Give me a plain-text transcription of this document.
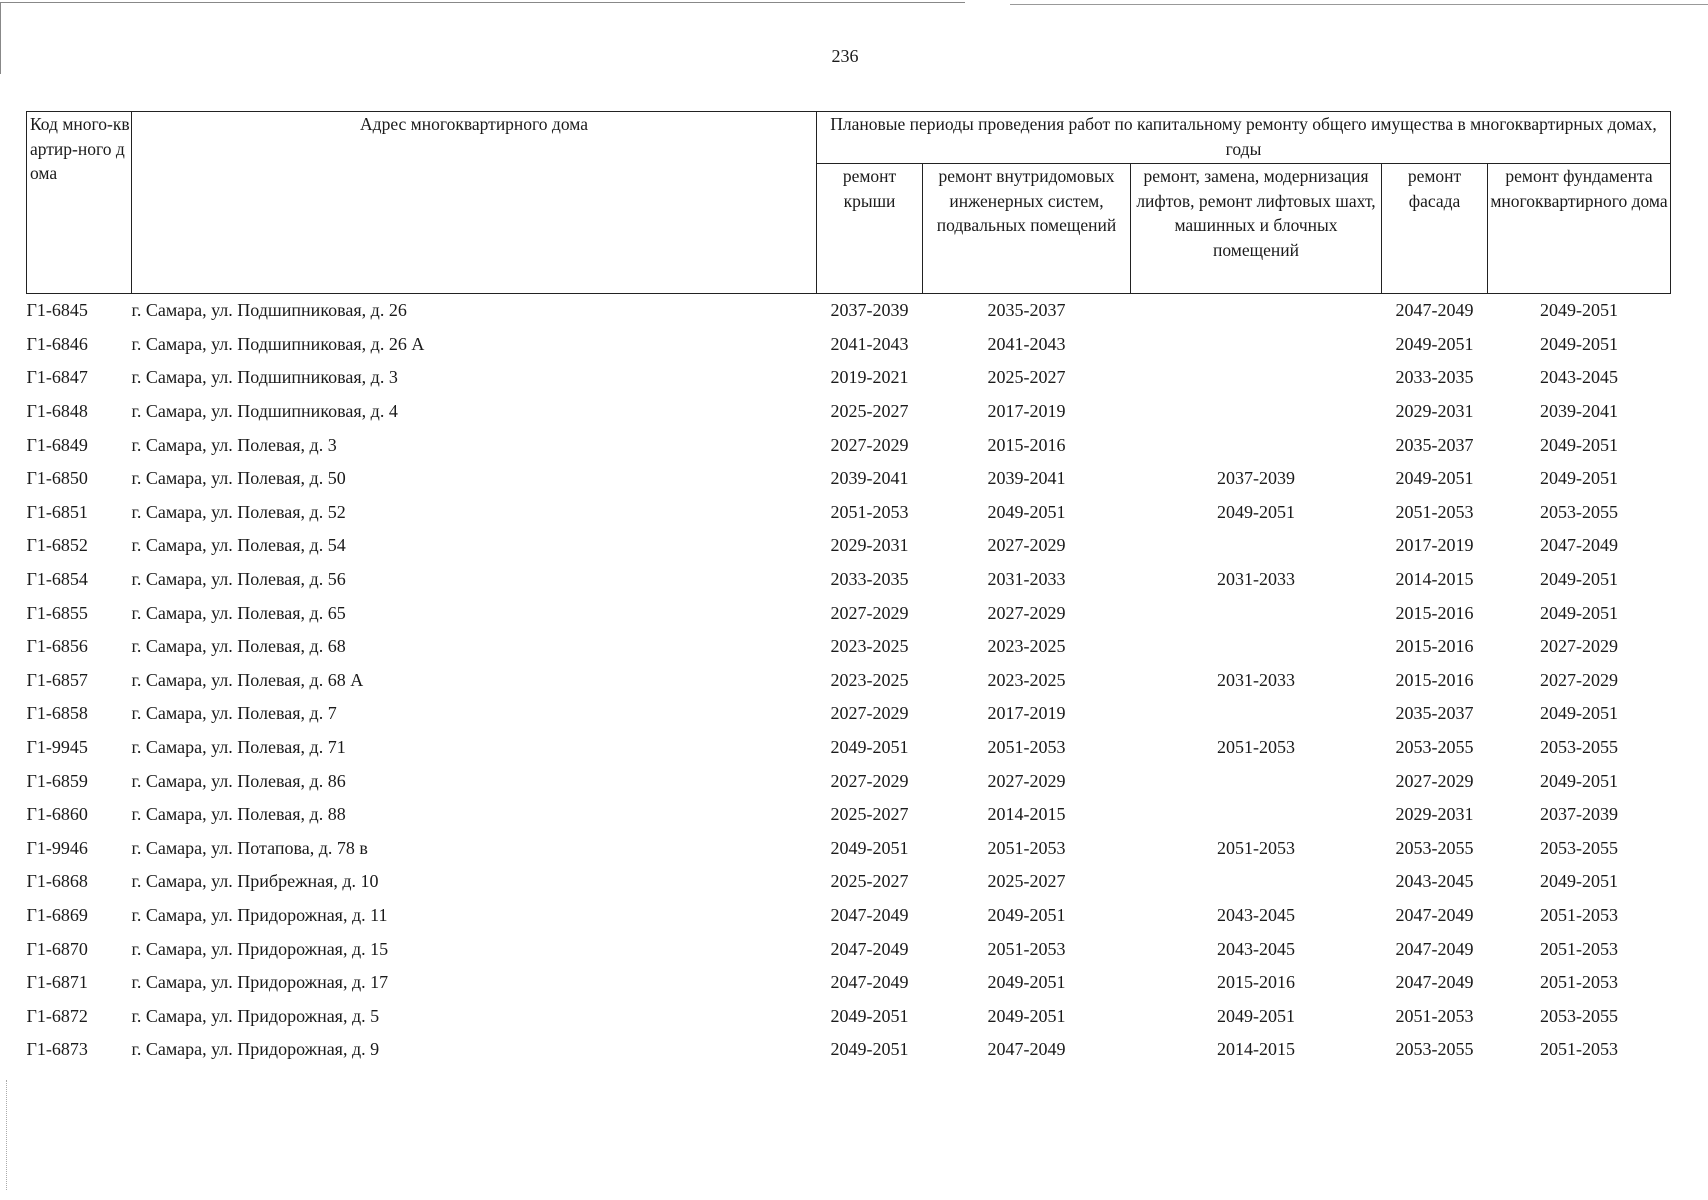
236
Код много-квартир-ного дома	Адрес многоквартирного дома	Плановые периоды проведения работ по капитальному ремонту общего имущества в многоквартирных домах, годы				
		ремонт крыши	ремонт внутридомовых инженерных систем, подвальных помещений	ремонт, замена, модернизация лифтов, ремонт лифтовых шахт, машинных и блочных помещений	ремонт фасада	ремонт фундамента многоквартирного дома
Г1-6845	г. Самара, ул. Подшипниковая, д. 26	2037-2039	2035-2037		2047-2049	2049-2051
Г1-6846	г. Самара, ул. Подшипниковая, д. 26 А	2041-2043	2041-2043		2049-2051	2049-2051
Г1-6847	г. Самара, ул. Подшипниковая, д. 3	2019-2021	2025-2027		2033-2035	2043-2045
Г1-6848	г. Самара, ул. Подшипниковая, д. 4	2025-2027	2017-2019		2029-2031	2039-2041
Г1-6849	г. Самара, ул. Полевая, д. 3	2027-2029	2015-2016		2035-2037	2049-2051
Г1-6850	г. Самара, ул. Полевая, д. 50	2039-2041	2039-2041	2037-2039	2049-2051	2049-2051
Г1-6851	г. Самара, ул. Полевая, д. 52	2051-2053	2049-2051	2049-2051	2051-2053	2053-2055
Г1-6852	г. Самара, ул. Полевая, д. 54	2029-2031	2027-2029		2017-2019	2047-2049
Г1-6854	г. Самара, ул. Полевая, д. 56	2033-2035	2031-2033	2031-2033	2014-2015	2049-2051
Г1-6855	г. Самара, ул. Полевая, д. 65	2027-2029	2027-2029		2015-2016	2049-2051
Г1-6856	г. Самара, ул. Полевая, д. 68	2023-2025	2023-2025		2015-2016	2027-2029
Г1-6857	г. Самара, ул. Полевая, д. 68 А	2023-2025	2023-2025	2031-2033	2015-2016	2027-2029
Г1-6858	г. Самара, ул. Полевая, д. 7	2027-2029	2017-2019		2035-2037	2049-2051
Г1-9945	г. Самара, ул. Полевая, д. 71	2049-2051	2051-2053	2051-2053	2053-2055	2053-2055
Г1-6859	г. Самара, ул. Полевая, д. 86	2027-2029	2027-2029		2027-2029	2049-2051
Г1-6860	г. Самара, ул. Полевая, д. 88	2025-2027	2014-2015		2029-2031	2037-2039
Г1-9946	г. Самара, ул. Потапова, д. 78 в	2049-2051	2051-2053	2051-2053	2053-2055	2053-2055
Г1-6868	г. Самара, ул. Прибрежная, д. 10	2025-2027	2025-2027		2043-2045	2049-2051
Г1-6869	г. Самара, ул. Придорожная, д. 11	2047-2049	2049-2051	2043-2045	2047-2049	2051-2053
Г1-6870	г. Самара, ул. Придорожная, д. 15	2047-2049	2051-2053	2043-2045	2047-2049	2051-2053
Г1-6871	г. Самара, ул. Придорожная, д. 17	2047-2049	2049-2051	2015-2016	2047-2049	2051-2053
Г1-6872	г. Самара, ул. Придорожная, д. 5	2049-2051	2049-2051	2049-2051	2051-2053	2053-2055
Г1-6873	г. Самара, ул. Придорожная, д. 9	2049-2051	2047-2049	2014-2015	2053-2055	2051-2053
